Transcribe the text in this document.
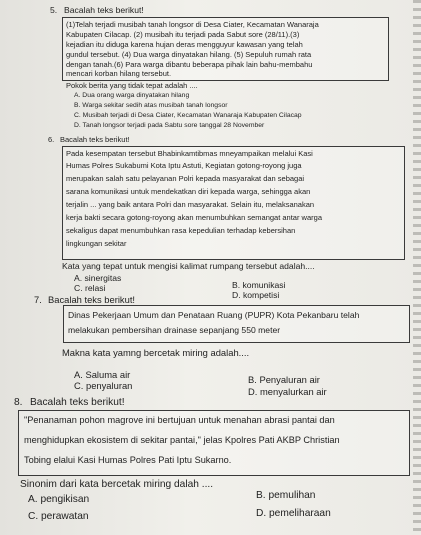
5. Bacalah teks berikut!
(1)Telah terjadi musibah tanah longsor di Desa Ciater, Kecamatan Wanaraja
Kabupaten Cilacap. (2) musibah itu terjadi pada Sabut sore (28/11).(3)
kejadian itu diduga karena hujan deras mengguyur kawasan yang telah
gundul tersebut. (4) Dua warga dinyatakan hilang. (5) Sepuluh rumah rata
dengan tanah.(6) Para warga dibantu beberapa pihak lain bahu-membahu
mencari korban hilang tersebut.
Pokok berita yang tidak tepat adalah ....
A. Dua orang warga dinyatakan hilang
B. Warga sekitar sedih atas musibah tanah longsor
C. Musibah terjadi di Desa Ciater, Kecamatan Wanaraja Kabupaten Cilacap
D. Tanah longsor terjadi pada Sabtu sore tanggal 28 November
6. Bacalah teks berikut!
Pada kesempatan tersebut Bhabinkamtibmas mneyampaikan melalui Kasi
Humas Polres Sukabumi Kota Iptu Astuti, Kegiatan gotong-royong juga
merupakan salah satu pelayanan Polri kepada masyarakat dan sebagai
sarana komunikasi untuk mendekatkan diri kepada warga, sehingga akan
terjalin ... yang baik antara Polri dan masyarakat. Selain itu, melaksanakan
kerja bakti secara gotong-royong akan menumbuhkan semangat antar warga
sekaligus dapat menumbuhkan rasa kepedulian terhadap kebersihan
lingkungan sekitar
Kata yang tepat untuk mengisi kalimat rumpang tersebut adalah....
A. sinergitas
B. komunikasi
C. relasi
D. kompetisi
7. Bacalah teks berikut!
Dinas Pekerjaan Umum dan Penataan Ruang (PUPR) Kota Pekanbaru telah
melakukan pembersihan drainase sepanjang 550 meter
Makna kata yamng bercetak miring adalah....
A. Saluma air	B. Penyaluran air
C. penyaluran
D. menyalurkan air
8. Bacalah teks berikut!
"Penanaman pohon magrove ini bertujuan untuk menahan abrasi pantai dan
menghidupkan ekosistem di sekitar pantai," jelas Kpolres Pati AKBP Christian
Tobing elalui Kasi Humas Polres Pati Iptu Sukarno.
Sinonim dari kata bercetak miring dalah ....
A. pengikisan	B. pemulihan
C. perawatan	D. pemeliharaan
